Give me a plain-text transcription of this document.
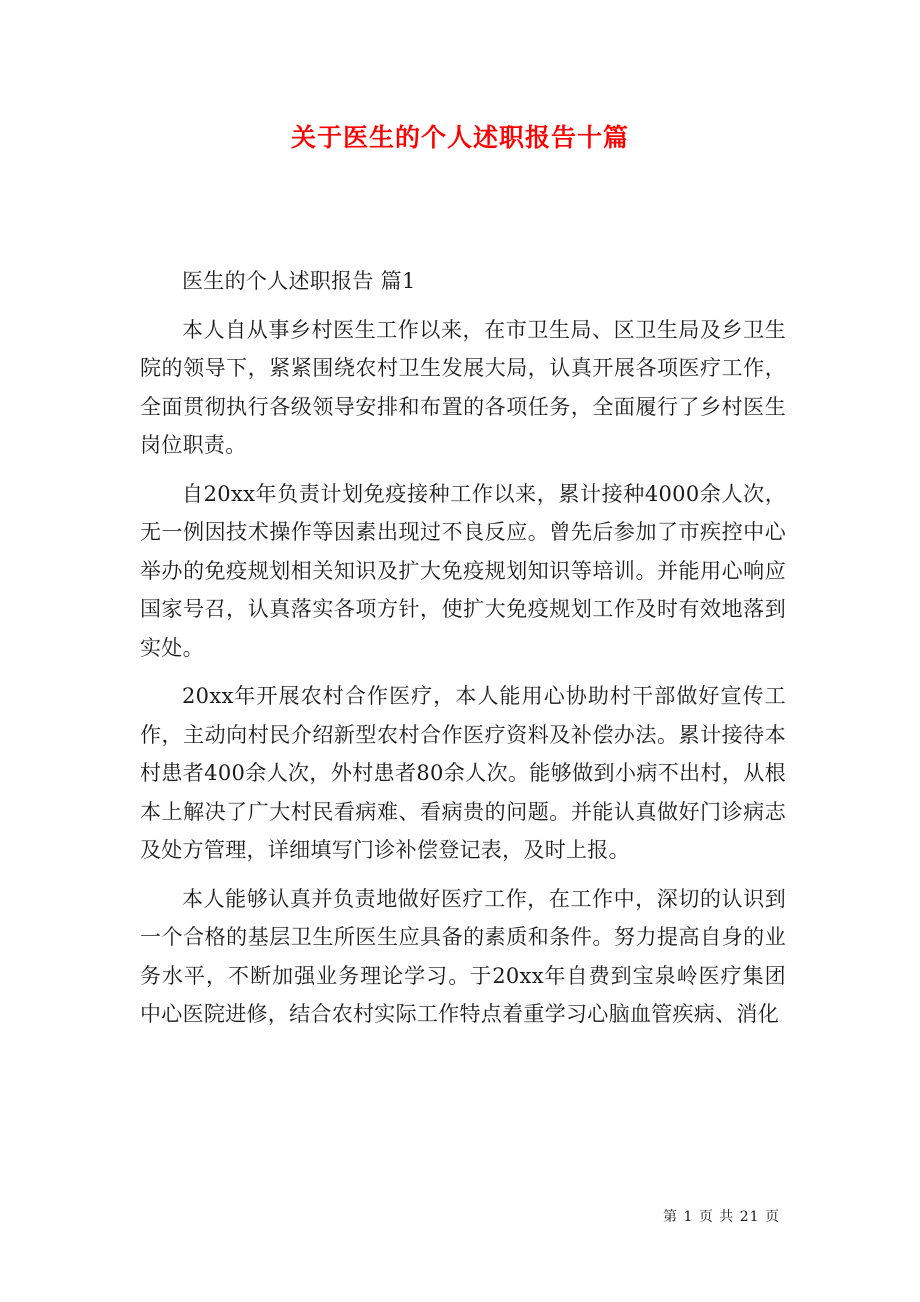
关于医生的个人述职报告十篇

医生的个人述职报告 篇1

本人自从事乡村医生工作以来，在市卫生局、区卫生局及乡卫生院的领导下，紧紧围绕农村卫生发展大局，认真开展各项医疗工作，全面贯彻执行各级领导安排和布置的各项任务，全面履行了乡村医生岗位职责。

自20xx年负责计划免疫接种工作以来，累计接种4000余人次，无一例因技术操作等因素出现过不良反应。曾先后参加了市疾控中心举办的免疫规划相关知识及扩大免疫规划知识等培训。并能用心响应国家号召，认真落实各项方针，使扩大免疫规划工作及时有效地落到实处。

20xx年开展农村合作医疗，本人能用心协助村干部做好宣传工作，主动向村民介绍新型农村合作医疗资料及补偿办法。累计接待本村患者400余人次，外村患者80余人次。能够做到小病不出村，从根本上解决了广大村民看病难、看病贵的问题。并能认真做好门诊病志及处方管理，详细填写门诊补偿登记表，及时上报。

本人能够认真并负责地做好医疗工作，在工作中，深切的认识到一个合格的基层卫生所医生应具备的素质和条件。努力提高自身的业务水平，不断加强业务理论学习。于20xx年自费到宝泉岭医疗集团中心医院进修，结合农村实际工作特点着重学习心脑血管疾病、消化

第 1 页 共 21 页
